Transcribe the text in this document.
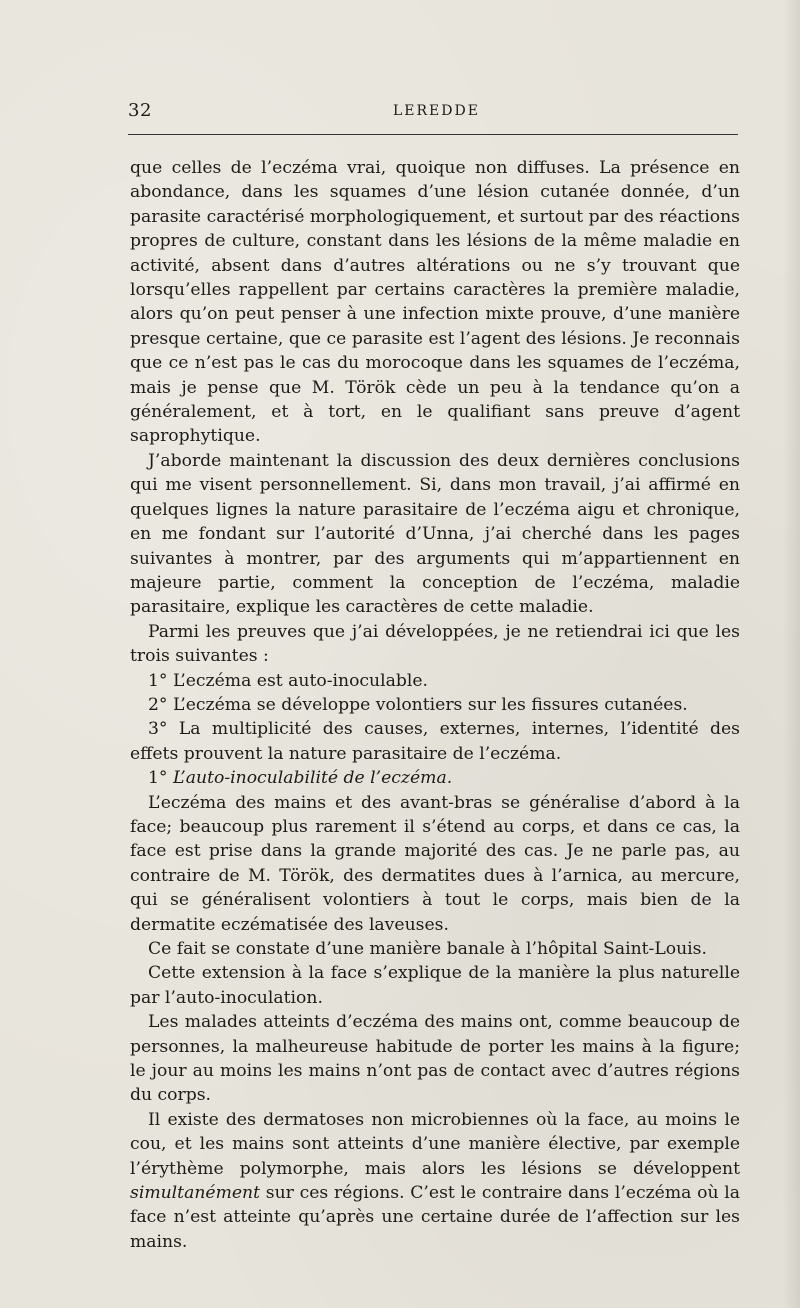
32	LEREDDE

que celles de l’eczéma vrai, quoique non diffuses. La présence en abondance, dans les squames d’une lésion cutanée donnée, d’un parasite caractérisé morphologiquement, et surtout par des réactions propres de culture, constant dans les lésions de la même maladie en activité, absent dans d’autres altérations ou ne s’y trouvant que lorsqu’elles rappellent par certains caractères la première maladie, alors qu’on peut penser à une infection mixte prouve, d’une manière presque certaine, que ce parasite est l’agent des lésions. Je reconnais que ce n’est pas le cas du morocoque dans les squames de l’eczéma, mais je pense que M. Török cède un peu à la tendance qu’on a généralement, et à tort, en le qualifiant sans preuve d’agent saprophytique.

J’aborde maintenant la discussion des deux dernières conclusions qui me visent personnellement. Si, dans mon travail, j’ai affirmé en quelques lignes la nature parasitaire de l’eczéma aigu et chronique, en me fondant sur l’autorité d’Unna, j’ai cherché dans les pages suivantes à montrer, par des arguments qui m’appartiennent en majeure partie, comment la conception de l’eczéma, maladie parasitaire, explique les caractères de cette maladie.

Parmi les preuves que j’ai développées, je ne retiendrai ici que les trois suivantes :

1° L’eczéma est auto-inoculable.

2° L’eczéma se développe volontiers sur les fissures cutanées.

3° La multiplicité des causes, externes, internes, l’identité des effets prouvent la nature parasitaire de l’eczéma.

1° L’auto-inoculabilité de l’eczéma.

L’eczéma des mains et des avant-bras se généralise d’abord à la face; beaucoup plus rarement il s’étend au corps, et dans ce cas, la face est prise dans la grande majorité des cas. Je ne parle pas, au contraire de M. Török, des dermatites dues à l’arnica, au mercure, qui se généralisent volontiers à tout le corps, mais bien de la dermatite eczématisée des laveuses.

Ce fait se constate d’une manière banale à l’hôpital Saint-Louis.

Cette extension à la face s’explique de la manière la plus naturelle par l’auto-inoculation.

Les malades atteints d’eczéma des mains ont, comme beaucoup de personnes, la malheureuse habitude de porter les mains à la figure; le jour au moins les mains n’ont pas de contact avec d’autres régions du corps.

Il existe des dermatoses non microbiennes où la face, au moins le cou, et les mains sont atteints d’une manière élective, par exemple l’érythème polymorphe, mais alors les lésions se développent simultanément sur ces régions. C’est le contraire dans l’eczéma où la face n’est atteinte qu’après une certaine durée de l’affection sur les mains.
